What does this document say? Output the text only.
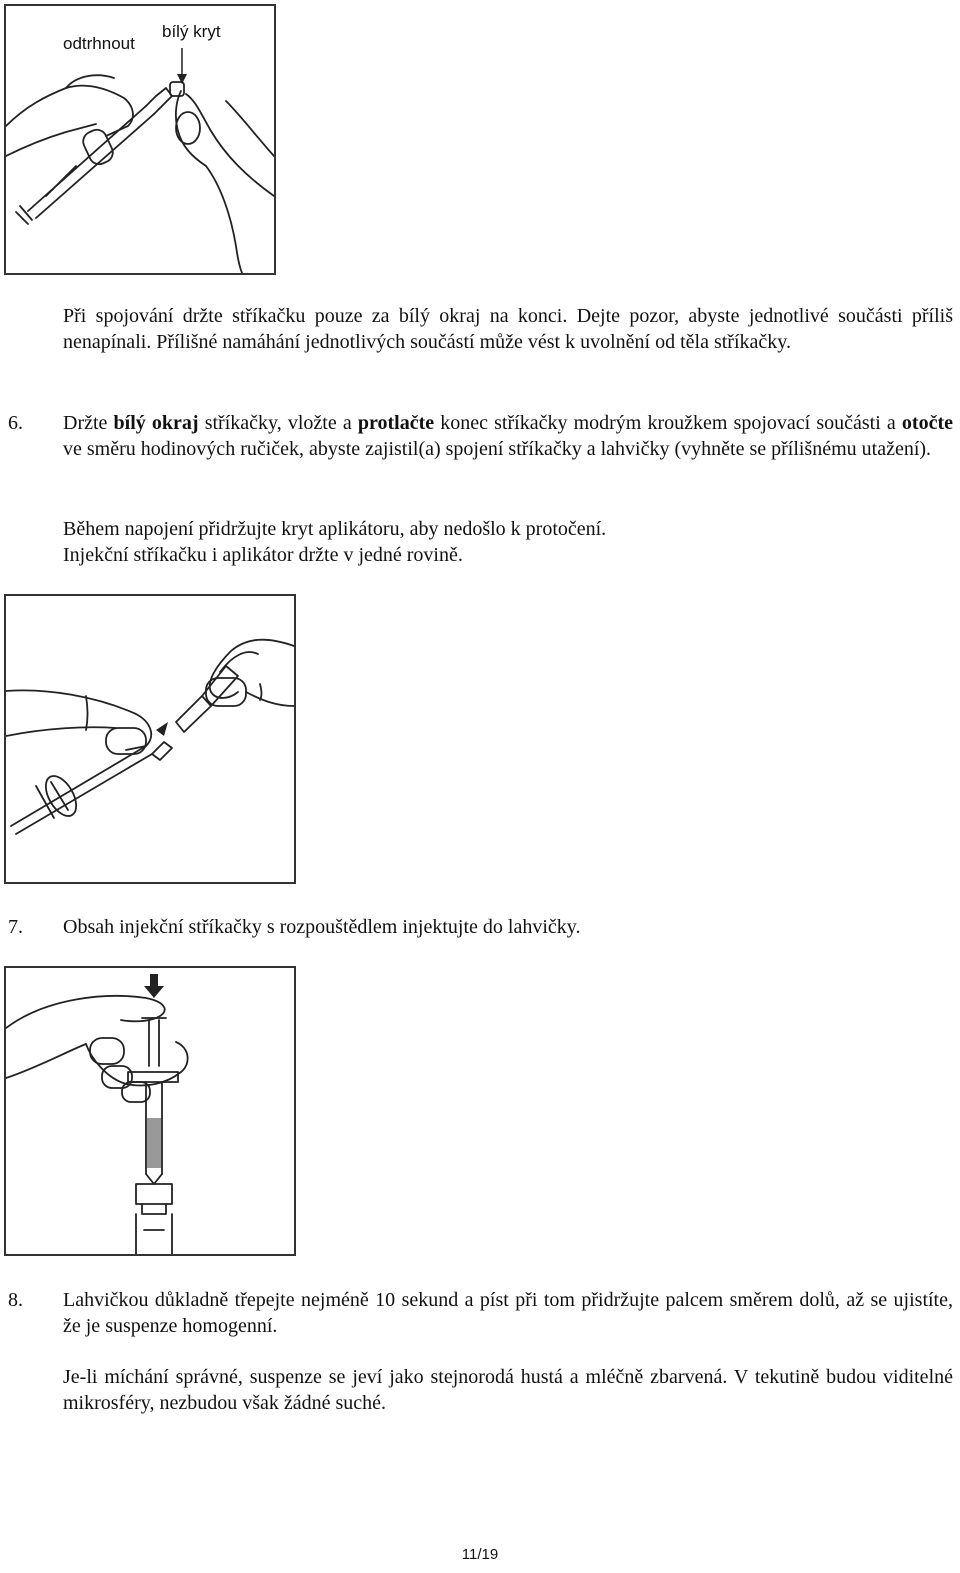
odtrhnout
bílý kryt
Při spojování držte stříkačku pouze za bílý okraj na konci. Dejte pozor, abyste jednotlivé součásti příliš nenapínali. Přílišné namáhání jednotlivých součástí může vést k uvolnění od těla stříkačky.
6. Držte bílý okraj stříkačky, vložte a protlačte konec stříkačky modrým kroužkem spojovací součásti a otočte ve směru hodinových ručiček, abyste zajistil(a) spojení stříkačky a lahvičky (vyhněte se přílišnému utažení).
Během napojení přidržujte kryt aplikátoru, aby nedošlo k protočení.
Injekční stříkačku i aplikátor držte v jedné rovině.
7. Obsah injekční stříkačky s rozpouštědlem injektujte do lahvičky.
8. Lahvičkou důkladně třepejte nejméně 10 sekund a píst při tom přidržujte palcem směrem dolů, až se ujistíte, že je suspenze homogenní.
Je-li míchání správné, suspenze se jeví jako stejnorodá hustá a mléčně zbarvená. V tekutině budou viditelné mikrosféry, nezbudou však žádné suché.
11/19
